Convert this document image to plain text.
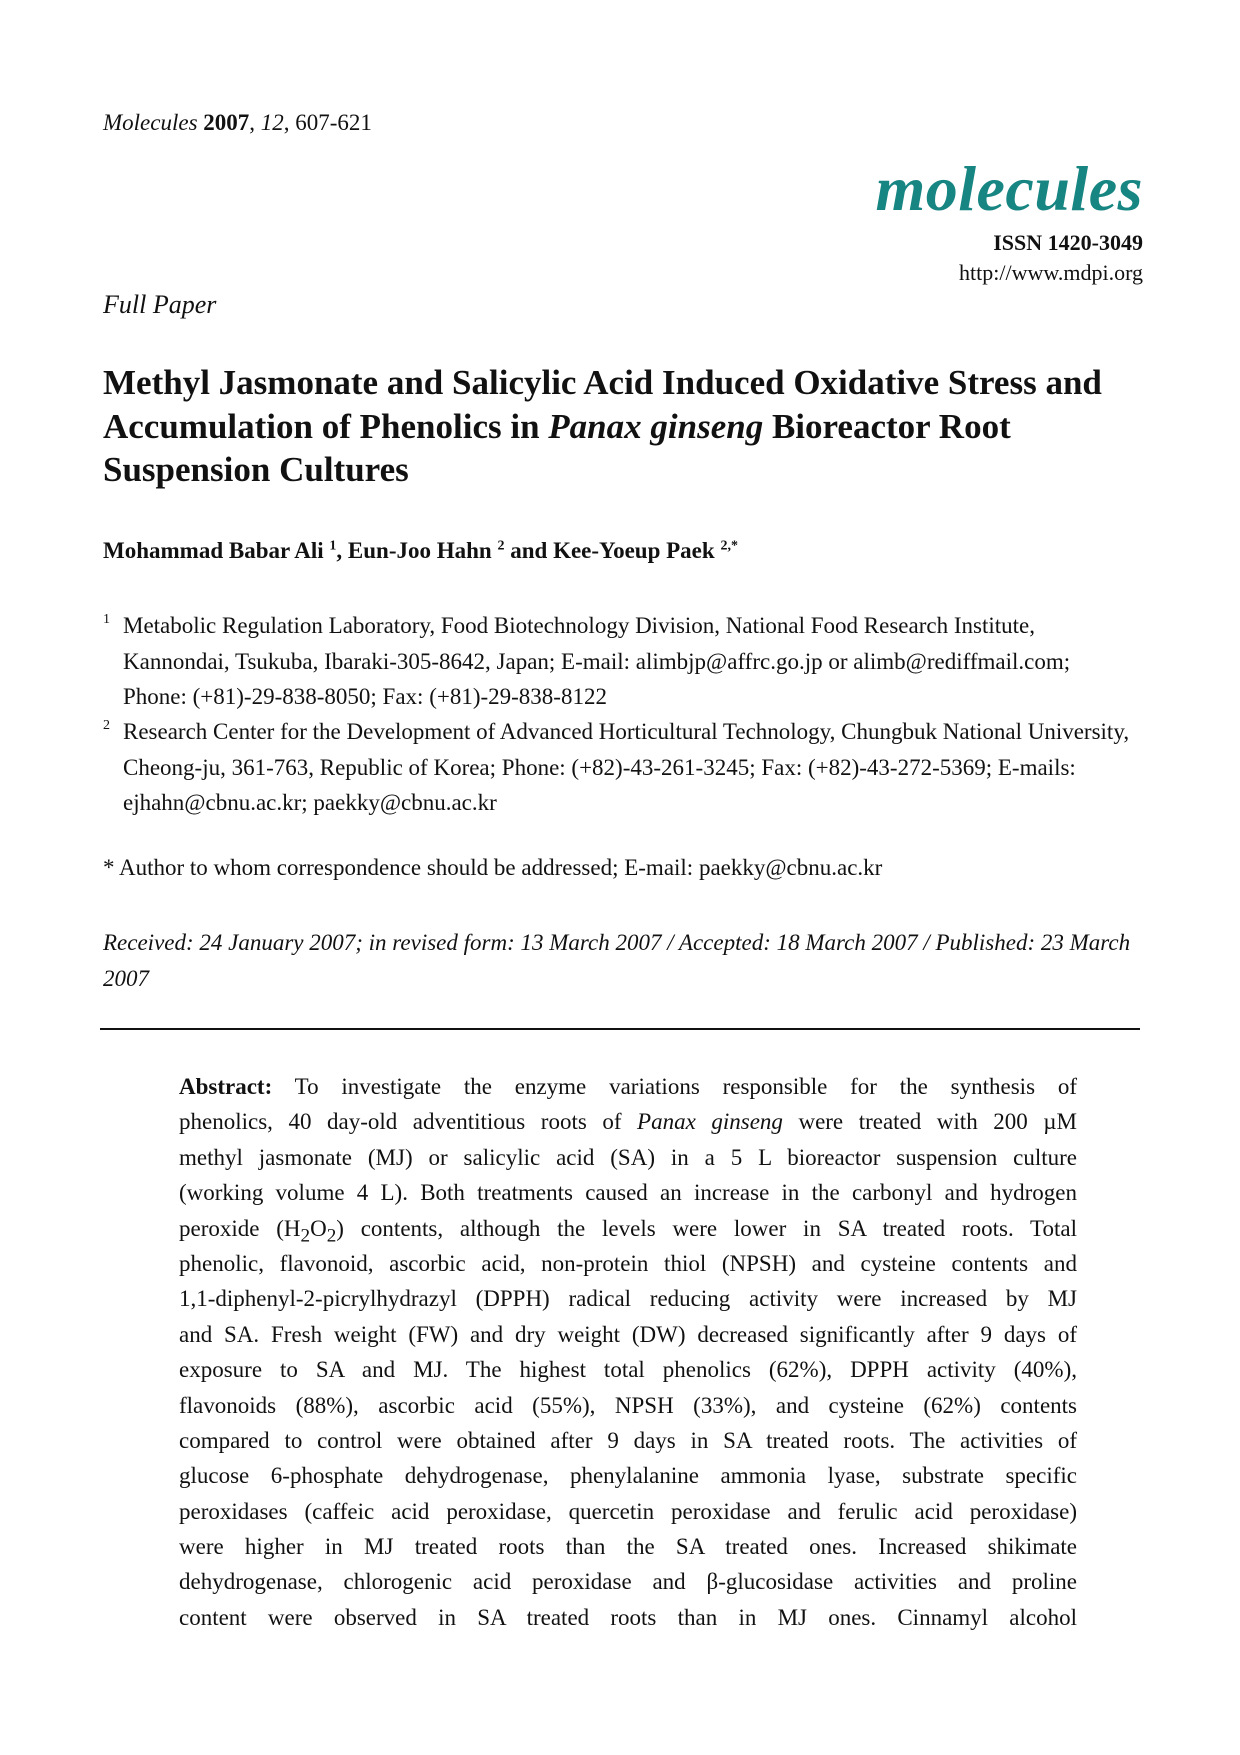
Molecules 2007, 12, 607-621
molecules
ISSN 1420-3049
http://www.mdpi.org
Full Paper
Methyl Jasmonate and Salicylic Acid Induced Oxidative Stress and Accumulation of Phenolics in Panax ginseng Bioreactor Root Suspension Cultures
Mohammad Babar Ali $^1$, Eun-Joo Hahn $^2$ and Kee-Yoeup Paek $^{2,*}$
1 Metabolic Regulation Laboratory, Food Biotechnology Division, National Food Research Institute, Kannondai, Tsukuba, Ibaraki-305-8642, Japan; E-mail: alimbjp@affrc.go.jp or alimb@rediffmail.com; Phone: (+81)-29-838-8050; Fax: (+81)-29-838-8122
2 Research Center for the Development of Advanced Horticultural Technology, Chungbuk National University, Cheong-ju, 361-763, Republic of Korea; Phone: (+82)-43-261-3245; Fax: (+82)-43-272-5369; E-mails: ejhahn@cbnu.ac.kr; paekky@cbnu.ac.kr
* Author to whom correspondence should be addressed; E-mail: paekky@cbnu.ac.kr
Received: 24 January 2007; in revised form: 13 March 2007 / Accepted: 18 March 2007 / Published: 23 March 2007
Abstract: To investigate the enzyme variations responsible for the synthesis of
phenolics, 40 day-old adventitious roots of Panax ginseng were treated with 200 µM
methyl jasmonate (MJ) or salicylic acid (SA) in a 5 L bioreactor suspension culture
(working volume 4 L). Both treatments caused an increase in the carbonyl and hydrogen
peroxide $(H_2O_2)$ contents, although the levels were lower in SA treated roots. Total
phenolic, flavonoid, ascorbic acid, non-protein thiol (NPSH) and cysteine contents and
1,1-diphenyl-2-picrylhydrazyl (DPPH) radical reducing activity were increased by MJ
and SA. Fresh weight (FW) and dry weight (DW) decreased significantly after 9 days of
exposure to SA and MJ. The highest total phenolics (62%), DPPH activity (40%),
flavonoids (88%), ascorbic acid (55%), NPSH (33%), and cysteine (62%) contents
compared to control were obtained after 9 days in SA treated roots. The activities of
glucose 6-phosphate dehydrogenase, phenylalanine ammonia lyase, substrate specific
peroxidases (caffeic acid peroxidase, quercetin peroxidase and ferulic acid peroxidase)
were higher in MJ treated roots than the SA treated ones. Increased shikimate
dehydrogenase, chlorogenic acid peroxidase and β-glucosidase activities and proline
content were observed in SA treated roots than in MJ ones. Cinnamyl alcohol
